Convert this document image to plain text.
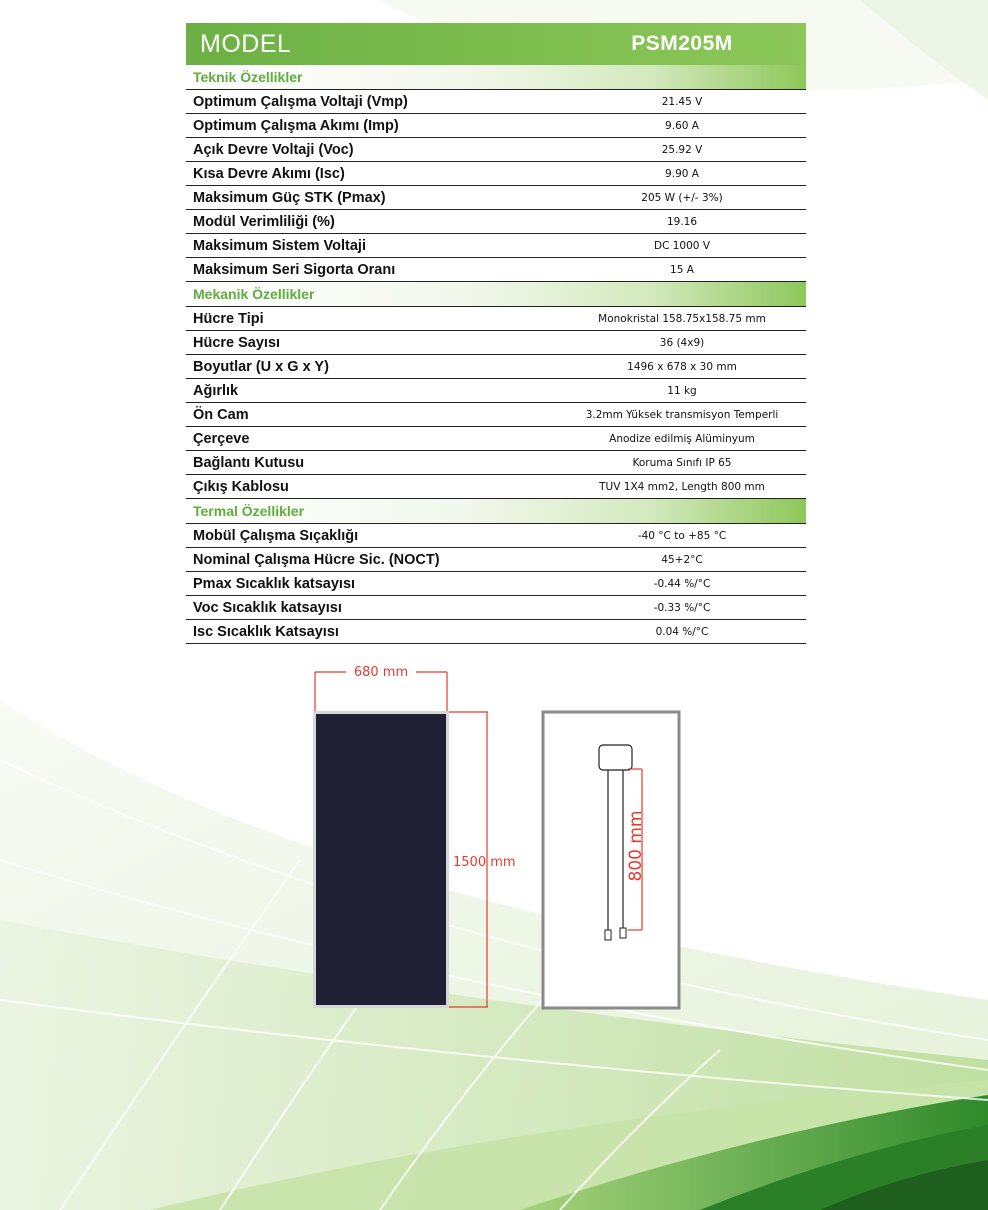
MODEL	PSM205M
Teknik Özellikler
Optimum Çalışma Voltaji (Vmp)	21.45 V
Optimum Çalışma Akımı (Imp)	9.60 A
Açık Devre Voltaji (Voc)	25.92 V
Kısa Devre Akımı (Isc)	9.90 A
Maksimum Güç STK (Pmax)	205 W (+/- 3%)
Modül Verimliliği (%)	19.16
Maksimum Sistem Voltaji	DC 1000 V
Maksimum Seri Sigorta Oranı	15 A
Mekanik Özellikler
Hücre Tipi	Monokristal 158.75x158.75 mm
Hücre Sayısı	36 (4x9)
Boyutlar (U x G x Y)	1496 x 678 x 30 mm
Ağırlık	11 kg
Ön Cam	3.2mm Yüksek transmisyon Temperli
Çerçeve	Anodize edilmiş Alüminyum
Bağlantı Kutusu	Koruma Sınıfı IP 65
Çıkış Kablosu	TUV 1X4 mm2, Length 800 mm
Termal Özellikler
Mobül Çalışma Sıçaklığı	-40 °C to +85 °C
Nominal Çalışma Hücre Sic. (NOCT)	45+2°C
Pmax Sıcaklık katsayısı	-0.44 %/°C
Voc Sıcaklık katsayısı	-0.33 %/°C
Isc Sıcaklık Katsayısı	0.04 %/°C
680 mm
1500 mm	800 mm
